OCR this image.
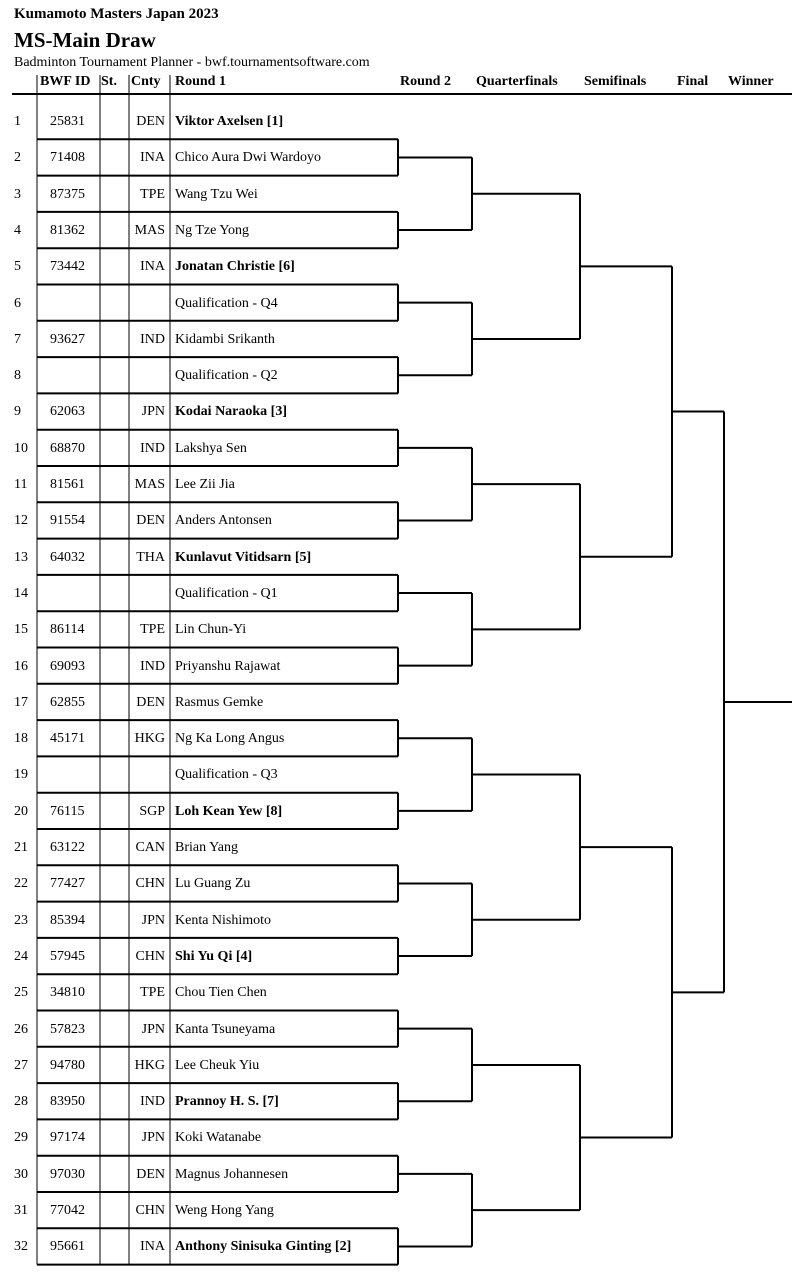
Kumamoto Masters Japan 2023
MS-Main Draw
Badminton Tournament Planner - bwf.tournamentsoftware.com
BWF ID St. Cnty Round 1	Round 2 Quarterfinals Semifinals Final Winner
1 25831	DEN Viktor Axelsen [1]
2 71408	INA Chico Aura Dwi Wardoyo
3 87375	TPE Wang Tzu Wei
4 81362	MAS Ng Tze Yong
5 73442	INA Jonatan Christie [6]
6	Qualification - Q4
7 93627	IND Kidambi Srikanth
8	Qualification - Q2
9 62063	JPN Kodai Naraoka [3]
10 68870	IND Lakshya Sen
11 81561	MAS Lee Zii Jia
12 91554	DEN Anders Antonsen
13 64032	THA Kunlavut Vitidsarn [5]
14	Qualification - Q1
15 86114	TPE Lin Chun-Yi
16 69093	IND Priyanshu Rajawat
17 62855	DEN Rasmus Gemke
18 45171	HKG Ng Ka Long Angus
19	Qualification - Q3
20 76115	SGP Loh Kean Yew [8]
21 63122	CAN Brian Yang
22 77427	CHN Lu Guang Zu
23 85394	JPN Kenta Nishimoto
24 57945	CHN Shi Yu Qi [4]
25 34810	TPE Chou Tien Chen
26 57823	JPN Kanta Tsuneyama
27 94780	HKG Lee Cheuk Yiu
28 83950	IND Prannoy H. S. [7]
29 97174	JPN Koki Watanabe
30 97030	DEN Magnus Johannesen
31 77042	CHN Weng Hong Yang
32 95661	INA Anthony Sinisuka Ginting [2]
